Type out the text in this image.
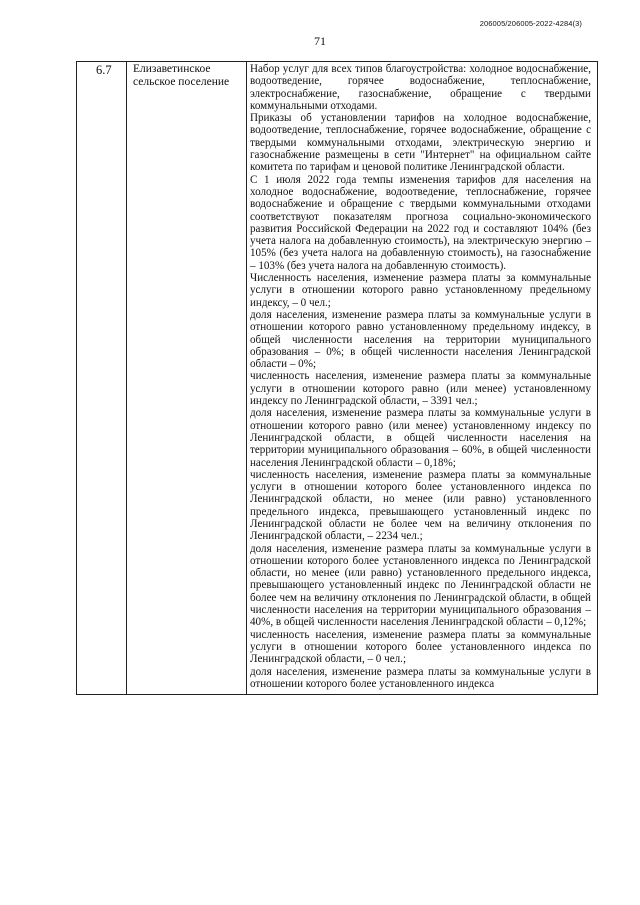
71
206005/206005-2022-4284(3)
6.7	Елизаветинское сельское поселение

Набор услуг для всех типов благоустройства: холодное водоснабжение, водоотведение, горячее водоснабжение, теплоснабжение, электроснабжение, газоснабжение, обращение с твердыми коммунальными отходами.

Приказы об установлении тарифов на холодное водоснабжение, водоотведение, теплоснабжение, горячее водоснабжение, обращение с твердыми коммунальными отходами, электрическую энергию и газоснабжение размещены в сети "Интернет" на официальном сайте комитета по тарифам и ценовой политике Ленинградской области.

С 1 июля 2022 года темпы изменения тарифов для населения на холодное водоснабжение, водоотведение, теплоснабжение, горячее водоснабжение и обращение с твердыми коммунальными отходами соответствуют показателям прогноза социально-экономического развития Российской Федерации на 2022 год и составляют 104% (без учета налога на добавленную стоимость), на электрическую энергию – 105% (без учета налога на добавленную стоимость), на газоснабжение – 103% (без учета налога на добавленную стоимость).

Численность населения, изменение размера платы за коммунальные услуги в отношении которого равно установленному предельному индексу, – 0 чел.;

доля населения, изменение размера платы за коммунальные услуги в отношении которого равно установленному предельному индексу, в общей численности населения на территории муниципального образования – 0%; в общей численности населения Ленинградской области – 0%;

численность населения, изменение размера платы за коммунальные услуги в отношении которого равно (или менее) установленному индексу по Ленинградской области, – 3391 чел.;

доля населения, изменение размера платы за коммунальные услуги в отношении которого равно (или менее) установленному индексу по Ленинградской области, в общей численности населения на территории муниципального образования – 60%, в общей численности населения Ленинградской области – 0,18%;

численность населения, изменение размера платы за коммунальные услуги в отношении которого более установленного индекса по Ленинградской области, но менее (или равно) установленного предельного индекса, превышающего установленный индекс по Ленинградской области не более чем на величину отклонения по Ленинградской области, – 2234 чел.;

доля населения, изменение размера платы за коммунальные услуги в отношении которого более установленного индекса по Ленинградской области, но менее (или равно) установленного предельного индекса, превышающего установленный индекс по Ленинградской области не более чем на величину отклонения по Ленинградской области, в общей численности населения на территории муниципального образования – 40%, в общей численности населения Ленинградской области – 0,12%;

численность населения, изменение размера платы за коммунальные услуги в отношении которого более установленного индекса по Ленинградской области, – 0 чел.;

доля населения, изменение размера платы за коммунальные услуги в отношении которого более установленного индекса
